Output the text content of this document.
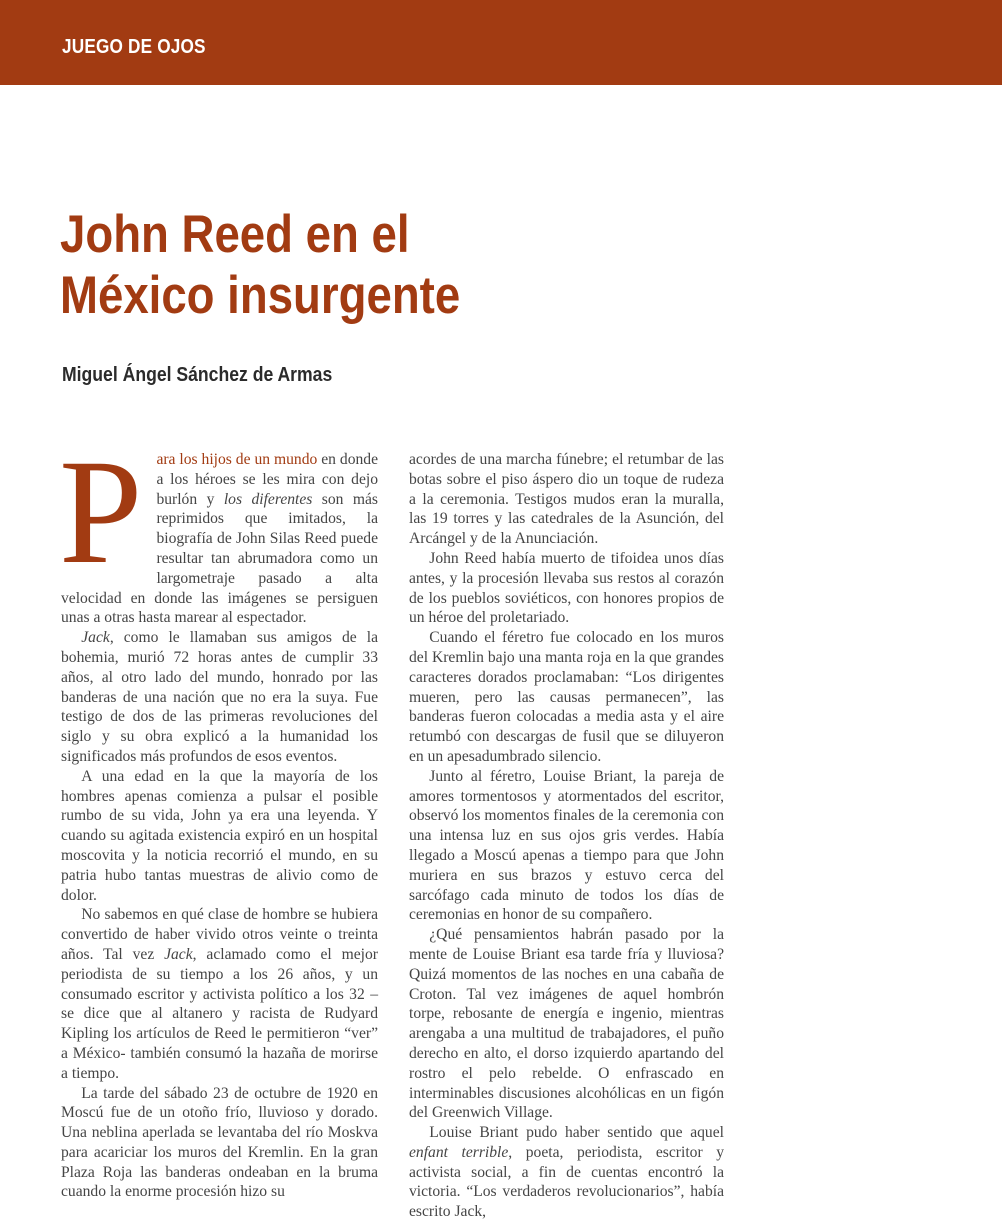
JUEGO DE OJOS
John Reed en el
México insurgente
Miguel Ángel Sánchez de Armas

Para los hijos de un mundo en donde a los héroes se les mira con dejo burlón y los diferentes son más reprimidos que imitados, la biografía de John Silas Reed puede resultar tan abrumadora como un largometraje pasado a alta velocidad en donde las imágenes se persiguen unas a otras hasta marear al espectador.

Jack, como le llamaban sus amigos de la bohemia, murió 72 horas antes de cumplir 33 años, al otro lado del mundo, honrado por las banderas de una nación que no era la suya. Fue testigo de dos de las primeras revoluciones del siglo y su obra explicó a la humanidad los significados más profundos de esos eventos.

A una edad en la que la mayoría de los hombres apenas comienza a pulsar el posible rumbo de su vida, John ya era una leyenda. Y cuando su agitada existencia expiró en un hospital moscovita y la noticia recorrió el mundo, en su patria hubo tantas muestras de alivio como de dolor.

No sabemos en qué clase de hombre se hubiera convertido de haber vivido otros veinte o treinta años. Tal vez Jack, aclamado como el mejor periodista de su tiempo a los 26 años, y un consumado escritor y activista político a los 32 –se dice que al altanero y racista de Rudyard Kipling los artículos de Reed le permitieron “ver” a México- también consumó la hazaña de morirse a tiempo.

La tarde del sábado 23 de octubre de 1920 en Moscú fue de un otoño frío, lluvioso y dorado. Una neblina aperlada se levantaba del río Moskva para acariciar los muros del Kremlin. En la gran Plaza Roja las banderas ondeaban en la bruma cuando la enorme procesión hizo su

acordes de una marcha fúnebre; el retumbar de las botas sobre el piso áspero dio un toque de rudeza a la ceremonia. Testigos mudos eran la muralla, las 19 torres y las catedrales de la Asunción, del Arcángel y de la Anunciación.

John Reed había muerto de tifoidea unos días antes, y la procesión llevaba sus restos al corazón de los pueblos soviéticos, con honores propios de un héroe del proletariado.

Cuando el féretro fue colocado en los muros del Kremlin bajo una manta roja en la que grandes caracteres dorados proclamaban: “Los dirigentes mueren, pero las causas permanecen”, las banderas fueron colocadas a media asta y el aire retumbó con descargas de fusil que se diluyeron en un apesadumbrado silencio.

Junto al féretro, Louise Briant, la pareja de amores tormentosos y atormentados del escritor, observó los momentos finales de la ceremonia con una intensa luz en sus ojos gris verdes. Había llegado a Moscú apenas a tiempo para que John muriera en sus brazos y estuvo cerca del sarcófago cada minuto de todos los días de ceremonias en honor de su compañero.

¿Qué pensamientos habrán pasado por la mente de Louise Briant esa tarde fría y lluviosa? Quizá momentos de las noches en una cabaña de Croton. Tal vez imágenes de aquel hombrón torpe, rebosante de energía e ingenio, mientras arengaba a una multitud de trabajadores, el puño derecho en alto, el dorso izquierdo apartando del rostro el pelo rebelde. O enfrascado en interminables discusiones alcohólicas en un figón del Greenwich Village.

Louise Briant pudo haber sentido que aquel enfant terrible, poeta, periodista, escritor y activista social, a fin de cuentas encontró la victoria. “Los verdaderos revolucionarios”, había escrito Jack,
